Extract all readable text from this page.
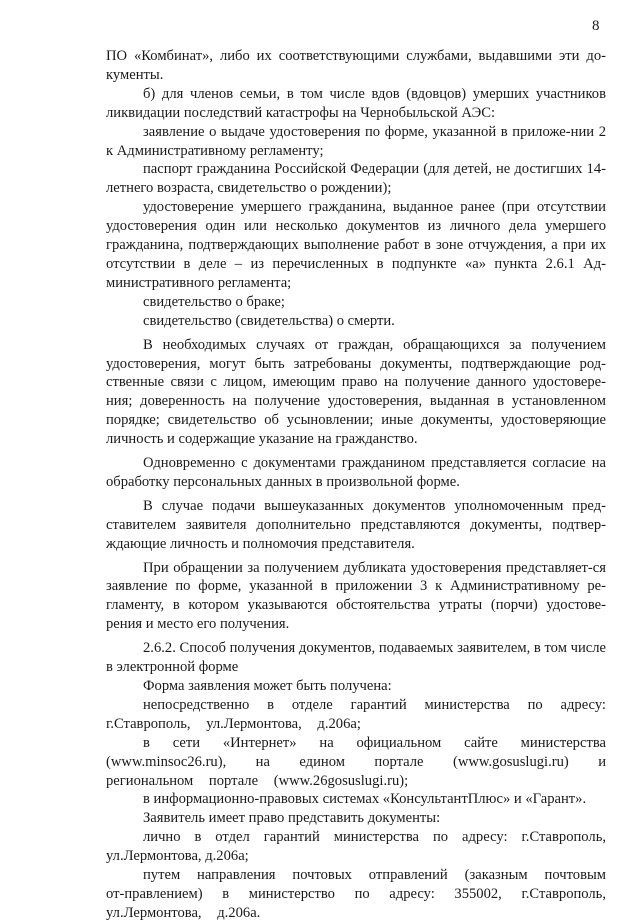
8
ПО «Комбинат», либо их соответствующими службами, выдавшими эти до-кументы.
б) для членов семьи, в том числе вдов (вдовцов) умерших участников ликвидации последствий катастрофы на Чернобыльской АЭС:
заявление о выдаче удостоверения по форме, указанной в приложе-нии 2 к Административному регламенту;
паспорт гражданина Российской Федерации (для детей, не достигших 14-летнего возраста, свидетельство о рождении);
удостоверение умершего гражданина, выданное ранее (при отсутствии удостоверения один или несколько документов из личного дела умершего гражданина, подтверждающих выполнение работ в зоне отчуждения, а при их отсутствии в деле – из перечисленных в подпункте «а» пункта 2.6.1 Ад-министративного регламента;
свидетельство о браке;
свидетельство (свидетельства) о смерти.
В необходимых случаях от граждан, обращающихся за получением удостоверения, могут быть затребованы документы, подтверждающие род-ственные связи с лицом, имеющим право на получение данного удостовере-ния; доверенность на получение удостоверения, выданная в установленном порядке; свидетельство об усыновлении; иные документы, удостоверяющие личность и содержащие указание на гражданство.
Одновременно с документами гражданином представляется согласие на обработку персональных данных в произвольной форме.
В случае подачи вышеуказанных документов уполномоченным пред-ставителем заявителя дополнительно представляются документы, подтвер-ждающие личность и полномочия представителя.
При обращении за получением дубликата удостоверения представляет-ся заявление по форме, указанной в приложении 3 к Административному ре-гламенту, в котором указываются обстоятельства утраты (порчи) удостове-рения и место его получения.
2.6.2. Способ получения документов, подаваемых заявителем, в том числе в электронной форме
Форма заявления может быть получена:
непосредственно в отделе гарантий министерства по адресу: г.Ставрополь, ул.Лермонтова, д.206а;
в сети «Интернет» на официальном сайте министерства (www.minsoc26.ru), на едином портале (www.gosuslugi.ru) и региональном портале (www.26gosuslugi.ru);
в информационно-правовых системах «КонсультантПлюс» и «Гарант».
Заявитель имеет право представить документы:
лично в отдел гарантий министерства по адресу: г.Ставрополь, ул.Лермонтова, д.206а;
путем направления почтовых отправлений (заказным почтовым от-правлением) в министерство по адресу: 355002, г.Ставрополь, ул.Лермонтова, д.206а.
